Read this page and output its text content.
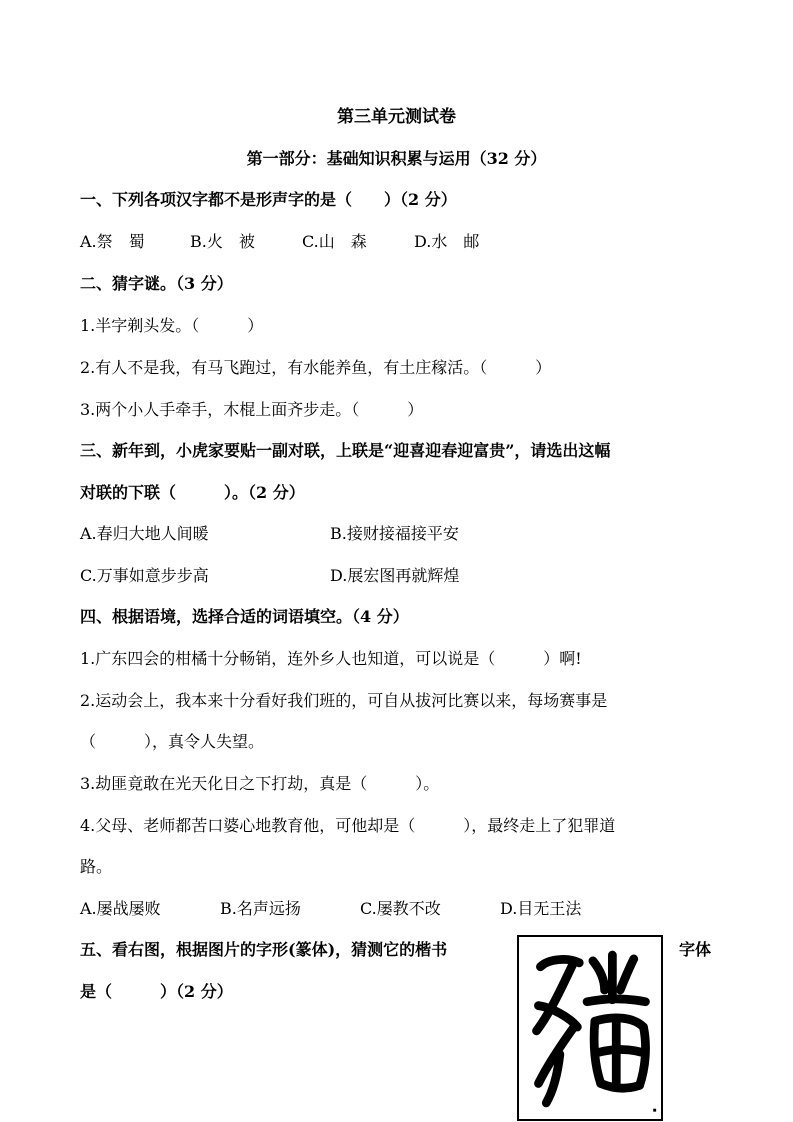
第三单元测试卷
第一部分：基础知识积累与运用（32 分）
一、下列各项汉字都不是形声字的是（　　）（2 分）
A.祭　蜀	B.火　被	C.山　森	D.水　邮
二、猜字谜。（3 分）
1.半字剃头发。（　　　）
2.有人不是我，有马飞跑过，有水能养鱼，有土庄稼活。（　　　）
3.两个小人手牵手，木棍上面齐步走。（　　　）
三、新年到，小虎家要贴一副对联，上联是“迎喜迎春迎富贵”，请选出这幅
对联的下联（　　　）。（2 分）
A.春归大地人间暖	B.接财接福接平安
C.万事如意步步高	D.展宏图再就辉煌
四、根据语境，选择合适的词语填空。（4 分）
1.广东四会的柑橘十分畅销，连外乡人也知道，可以说是（　　　）啊!
2.运动会上，我本来十分看好我们班的，可自从拔河比赛以来，每场赛事是
（　　　），真令人失望。
3.劫匪竟敢在光天化日之下打劫，真是（　　　）。
4.父母、老师都苦口婆心地教育他，可他却是（　　　），最终走上了犯罪道
路。
A.屡战屡败	B.名声远扬	C.屡教不改	D.目无王法
五、看右图，根据图片的字形(篆体)，猜测它的楷书	字体
是（　　　）（2 分）
